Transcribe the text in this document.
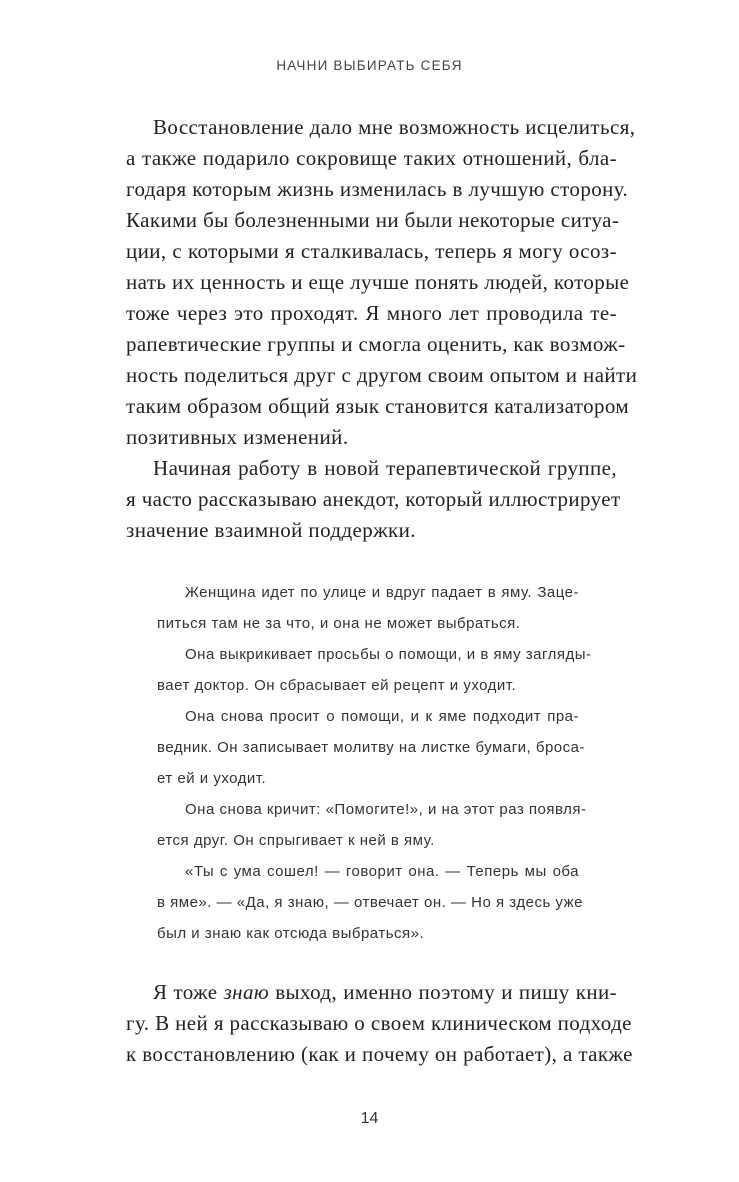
НАЧНИ ВЫБИРАТЬ СЕБЯ
Восстановление дало мне возможность исцелиться,
а также подарило сокровище таких отношений, бла-
годаря которым жизнь изменилась в лучшую сторону.
Какими бы болезненными ни были некоторые ситуа-
ции, с которыми я сталкивалась, теперь я могу осоз-
нать их ценность и еще лучше понять людей, которые
тоже через это проходят. Я много лет проводила те-
рапевтические группы и смогла оценить, как возмож-
ность поделиться друг с другом своим опытом и найти
таким образом общий язык становится катализатором
позитивных изменений.
Начиная работу в новой терапевтической группе,
я часто рассказываю анекдот, который иллюстрирует
значение взаимной поддержки.
Женщина идет по улице и вдруг падает в яму. Заце-
питься там не за что, и она не может выбраться.
Она выкрикивает просьбы о помощи, и в яму загляды-
вает доктор. Он сбрасывает ей рецепт и уходит.
Она снова просит о помощи, и к яме подходит пра-
ведник. Он записывает молитву на листке бумаги, броса-
ет ей и уходит.
Она снова кричит: «Помогите!», и на этот раз появля-
ется друг. Он спрыгивает к ней в яму.
«Ты с ума сошел! — говорит она. — Теперь мы оба
в яме». — «Да, я знаю, — отвечает он. — Но я здесь уже
был и знаю как отсюда выбраться».
Я тоже знаю выход, именно поэтому и пишу кни-
гу. В ней я рассказываю о своем клиническом подходе
к восстановлению (как и почему он работает), а также
14
